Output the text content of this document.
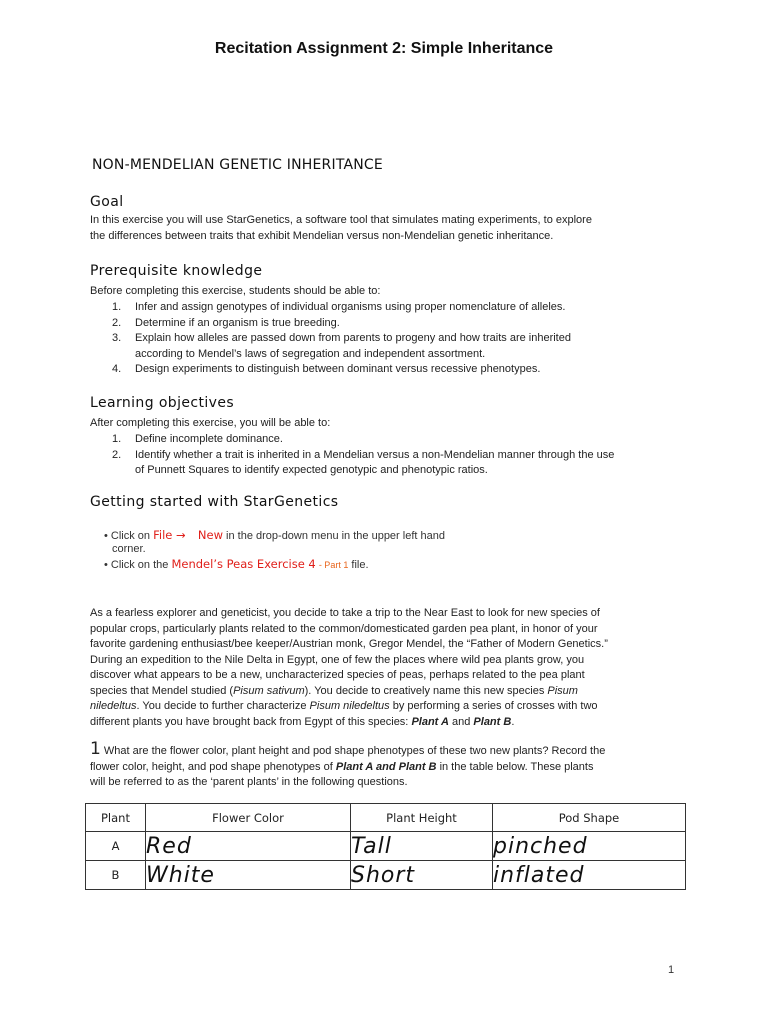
Recitation Assignment 2: Simple Inheritance
NON-MENDELIAN GENETIC INHERITANCE
Goal
In this exercise you will use StarGenetics, a software tool that simulates mating experiments, to explore
the differences between traits that exhibit Mendelian versus non-Mendelian genetic inheritance.
Prerequisite knowledge
Before completing this exercise, students should be able to:
1.	Infer and assign genotypes of individual organisms using proper nomenclature of alleles.
2.	Determine if an organism is true breeding.
3.	Explain how alleles are passed down from parents to progeny and how traits are inherited
according to Mendel’s laws of segregation and independent assortment.
4.	Design experiments to distinguish between dominant versus recessive phenotypes.
Learning objectives
After completing this exercise, you will be able to:
1.	Define incomplete dominance.
2.	Identify whether a trait is inherited in a Mendelian versus a non-Mendelian manner through the use
of Punnett Squares to identify expected genotypic and phenotypic ratios.
Getting started with StarGenetics
• Click on File → New in the drop-down menu in the upper left hand
corner.
• Click on the Mendel’s Peas Exercise 4 - Part 1 file.
As a fearless explorer and geneticist, you decide to take a trip to the Near East to look for new species of
popular crops, particularly plants related to the common/domesticated garden pea plant, in honor of your
favorite gardening enthusiast/bee keeper/Austrian monk, Gregor Mendel, the “Father of Modern Genetics.”
During an expedition to the Nile Delta in Egypt, one of few the places where wild pea plants grow, you
discover what appears to be a new, uncharacterized species of peas, perhaps related to the pea plant
species that Mendel studied (Pisum sativum). You decide to creatively name this new species Pisum
niledeltus. You decide to further characterize Pisum niledeltus by performing a series of crosses with two
different plants you have brought back from Egypt of this species: Plant A and Plant B.
1 What are the flower color, plant height and pod shape phenotypes of these two new plants? Record the
flower color, height, and pod shape phenotypes of Plant A and Plant B in the table below. These plants
will be referred to as the ‘parent plants’ in the following questions.
Plant	Flower Color	Plant Height	Pod Shape
A	Red	Tall	pinched
B	White	Short	inflated
1
